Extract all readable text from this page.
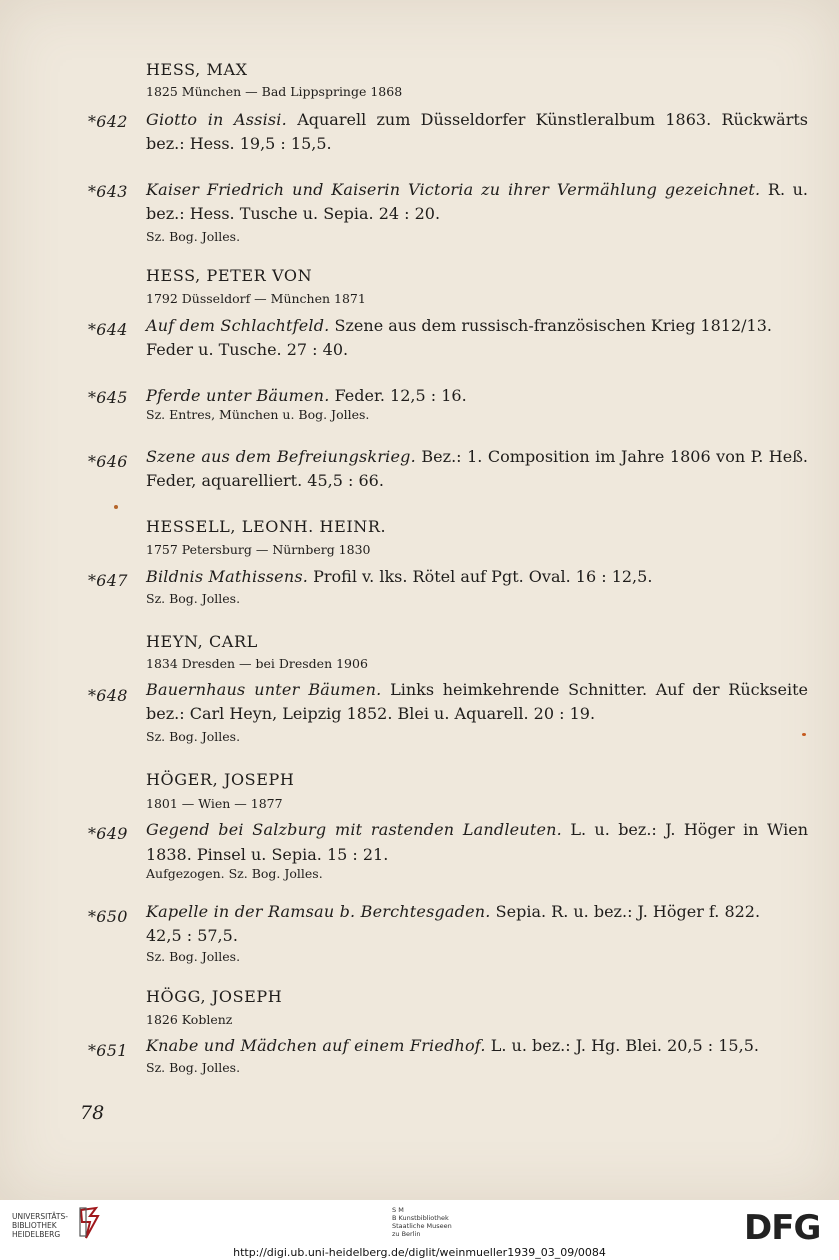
HESS, MAX
1825 München — Bad Lippspringe 1868
*642 Giotto in Assisi. Aquarell zum Düsseldorfer Künstleralbum 1863. Rückwärts
bez.: Hess. 19,5 : 15,5.
*643 Kaiser Friedrich und Kaiserin Victoria zu ihrer Vermählung gezeichnet. R. u.
bez.: Hess. Tusche u. Sepia. 24 : 20.
Sz. Bog. Jolles.
HESS, PETER VON
1792 Düsseldorf — München 1871
*644 Auf dem Schlachtfeld. Szene aus dem russisch-französischen Krieg 1812/13.
Feder u. Tusche. 27 : 40.
*645 Pferde unter Bäumen. Feder. 12,5 : 16.
Sz. Entres, München u. Bog. Jolles.
*646 Szene aus dem Befreiungskrieg. Bez.: 1. Composition im Jahre 1806 von P. Heß.
Feder, aquarelliert. 45,5 : 66.
HESSELL, LEONH. HEINR.
1757 Petersburg — Nürnberg 1830
*647 Bildnis Mathissens. Profil v. lks. Rötel auf Pgt. Oval. 16 : 12,5.
Sz. Bog. Jolles.
HEYN, CARL
1834 Dresden — bei Dresden 1906
*648 Bauernhaus unter Bäumen. Links heimkehrende Schnitter. Auf der Rückseite
bez.: Carl Heyn, Leipzig 1852. Blei u. Aquarell. 20 : 19.
Sz. Bog. Jolles.
HÖGER, JOSEPH
1801 — Wien — 1877
*649 Gegend bei Salzburg mit rastenden Landleuten. L. u. bez.: J. Höger in Wien
1838. Pinsel u. Sepia. 15 : 21.
Aufgezogen. Sz. Bog. Jolles.
*650 Kapelle in der Ramsau b. Berchtesgaden. Sepia. R. u. bez.: J. Höger f. 822.
42,5 : 57,5.
Sz. Bog. Jolles.
HÖGG, JOSEPH
1826 Koblenz
*651 Knabe und Mädchen auf einem Friedhof. L. u. bez.: J. Hg. Blei. 20,5 : 15,5.
Sz. Bog. Jolles.
78
UNIVERSITÄTS-
BIBLIOTHEK
HEIDELBERG
S M
B Kunstbibliothek
Staatliche Museen
zu Berlin	DFG
http://digi.ub.uni-heidelberg.de/diglit/weinmueller1939_03_09/0084
